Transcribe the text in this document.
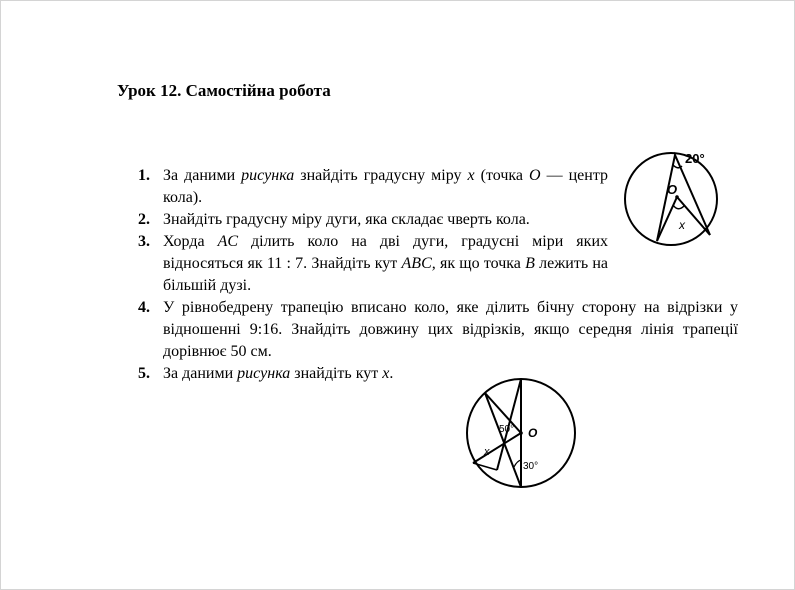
Урок 12. Самостійна робота
1. За даними рисунка знайдіть градусну міру x (точка O — центр кола).
2. Знайдіть градусну міру дуги, яка складає чверть кола.
3. Хорда AC ділить коло на дві дуги, градусні міри яких відносяться як 11 : 7. Знайдіть кут ABC, як що точка B лежить на більшій дузі.
4. У рівнобедрену трапецію вписано коло, яке ділить бічну сторону на відрізки у відношенні 9:16. Знайдіть довжину цих відрізків, якщо середня лінія трапеції дорівнює 50 см.
5. За даними рисунка знайдіть кут x.
20°
O
x
50° O
30°
x
